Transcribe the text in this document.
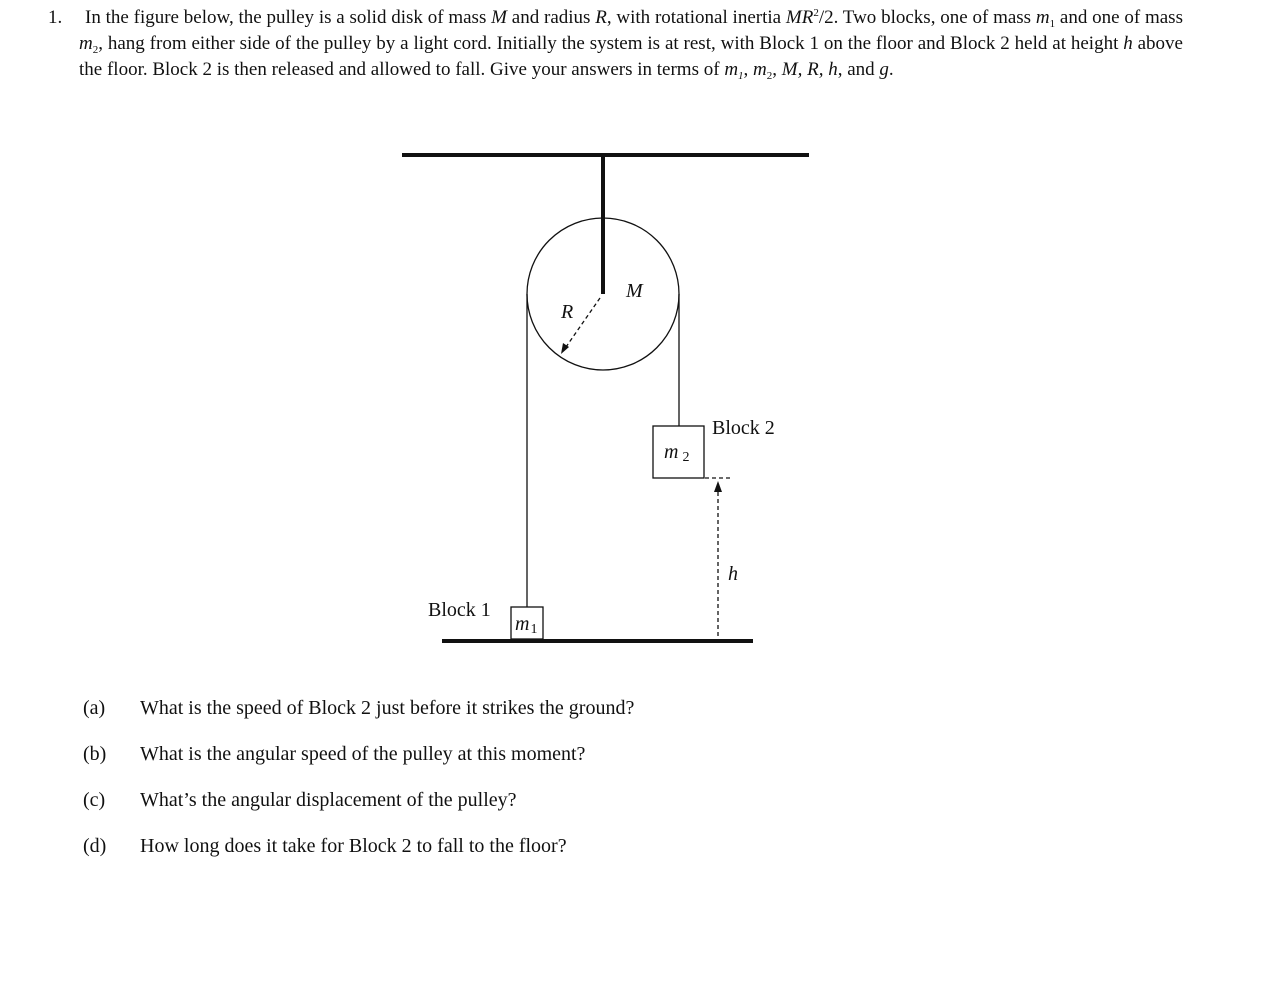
1.	In the figure below, the pulley is a solid disk of mass M and radius R, with rotational inertia $MR^2/2$. Two blocks, one of mass $m_1$ and one of mass $m_2$, hang from either side of the pulley by a light cord. Initially the system is at rest, with Block 1 on the floor and Block 2 held at height h above the floor. Block 2 is then released and allowed to fall. Give your answers in terms of $m_1$, $m_2$, M, R, h, and g.
R
M
m 2
Block 2
h
m1
Block 1
(a) What is the speed of Block 2 just before it strikes the ground?
(b) What is the angular speed of the pulley at this moment?
(c) What’s the angular displacement of the pulley?
(d) How long does it take for Block 2 to fall to the floor?
